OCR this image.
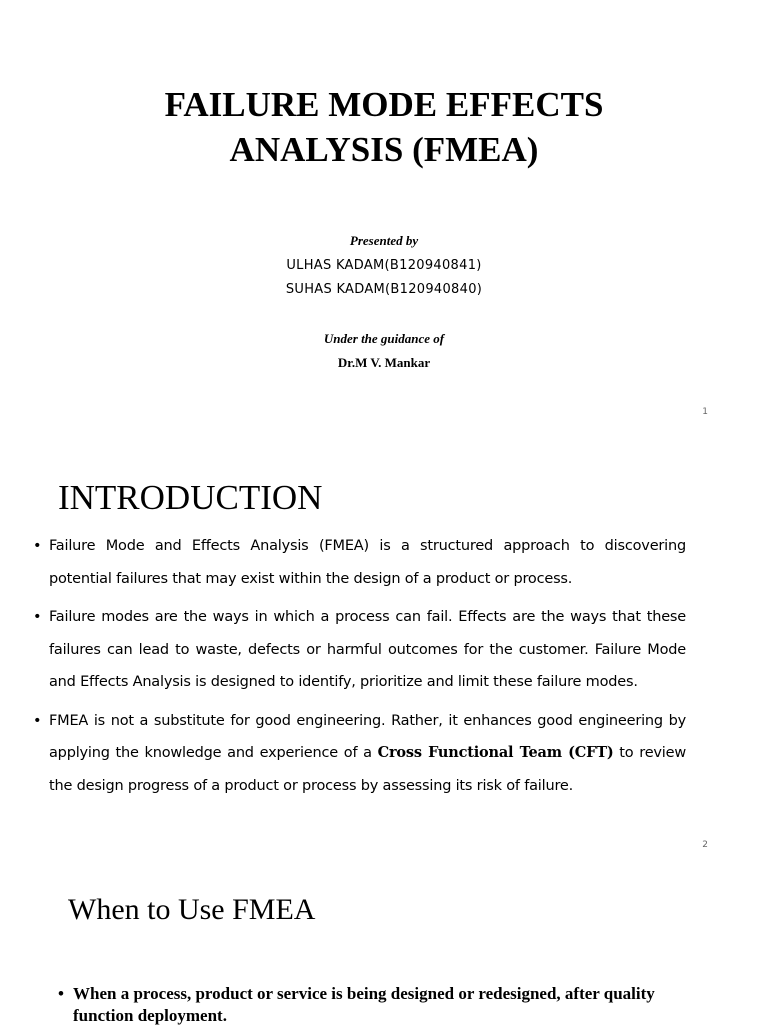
FAILURE MODE EFFECTS
ANALYSIS (FMEA)
Presented by
ULHAS KADAM(B120940841)
SUHAS KADAM(B120940840)
Under the guidance of
Dr.M V. Mankar
1
INTRODUCTION
• Failure Mode and Effects Analysis (FMEA) is a structured approach to discovering potential failures that may exist within the design of a product or process.
• Failure modes are the ways in which a process can fail. Effects are the ways that these failures can lead to waste, defects or harmful outcomes for the customer. Failure Mode and Effects Analysis is designed to identify, prioritize and limit these failure modes.
• FMEA is not a substitute for good engineering. Rather, it enhances good engineering by applying the knowledge and experience of a Cross Functional Team (CFT) to review the design progress of a product or process by assessing its risk of failure.
2
When to Use FMEA
• When a process, product or service is being designed or redesigned, after quality function deployment.
